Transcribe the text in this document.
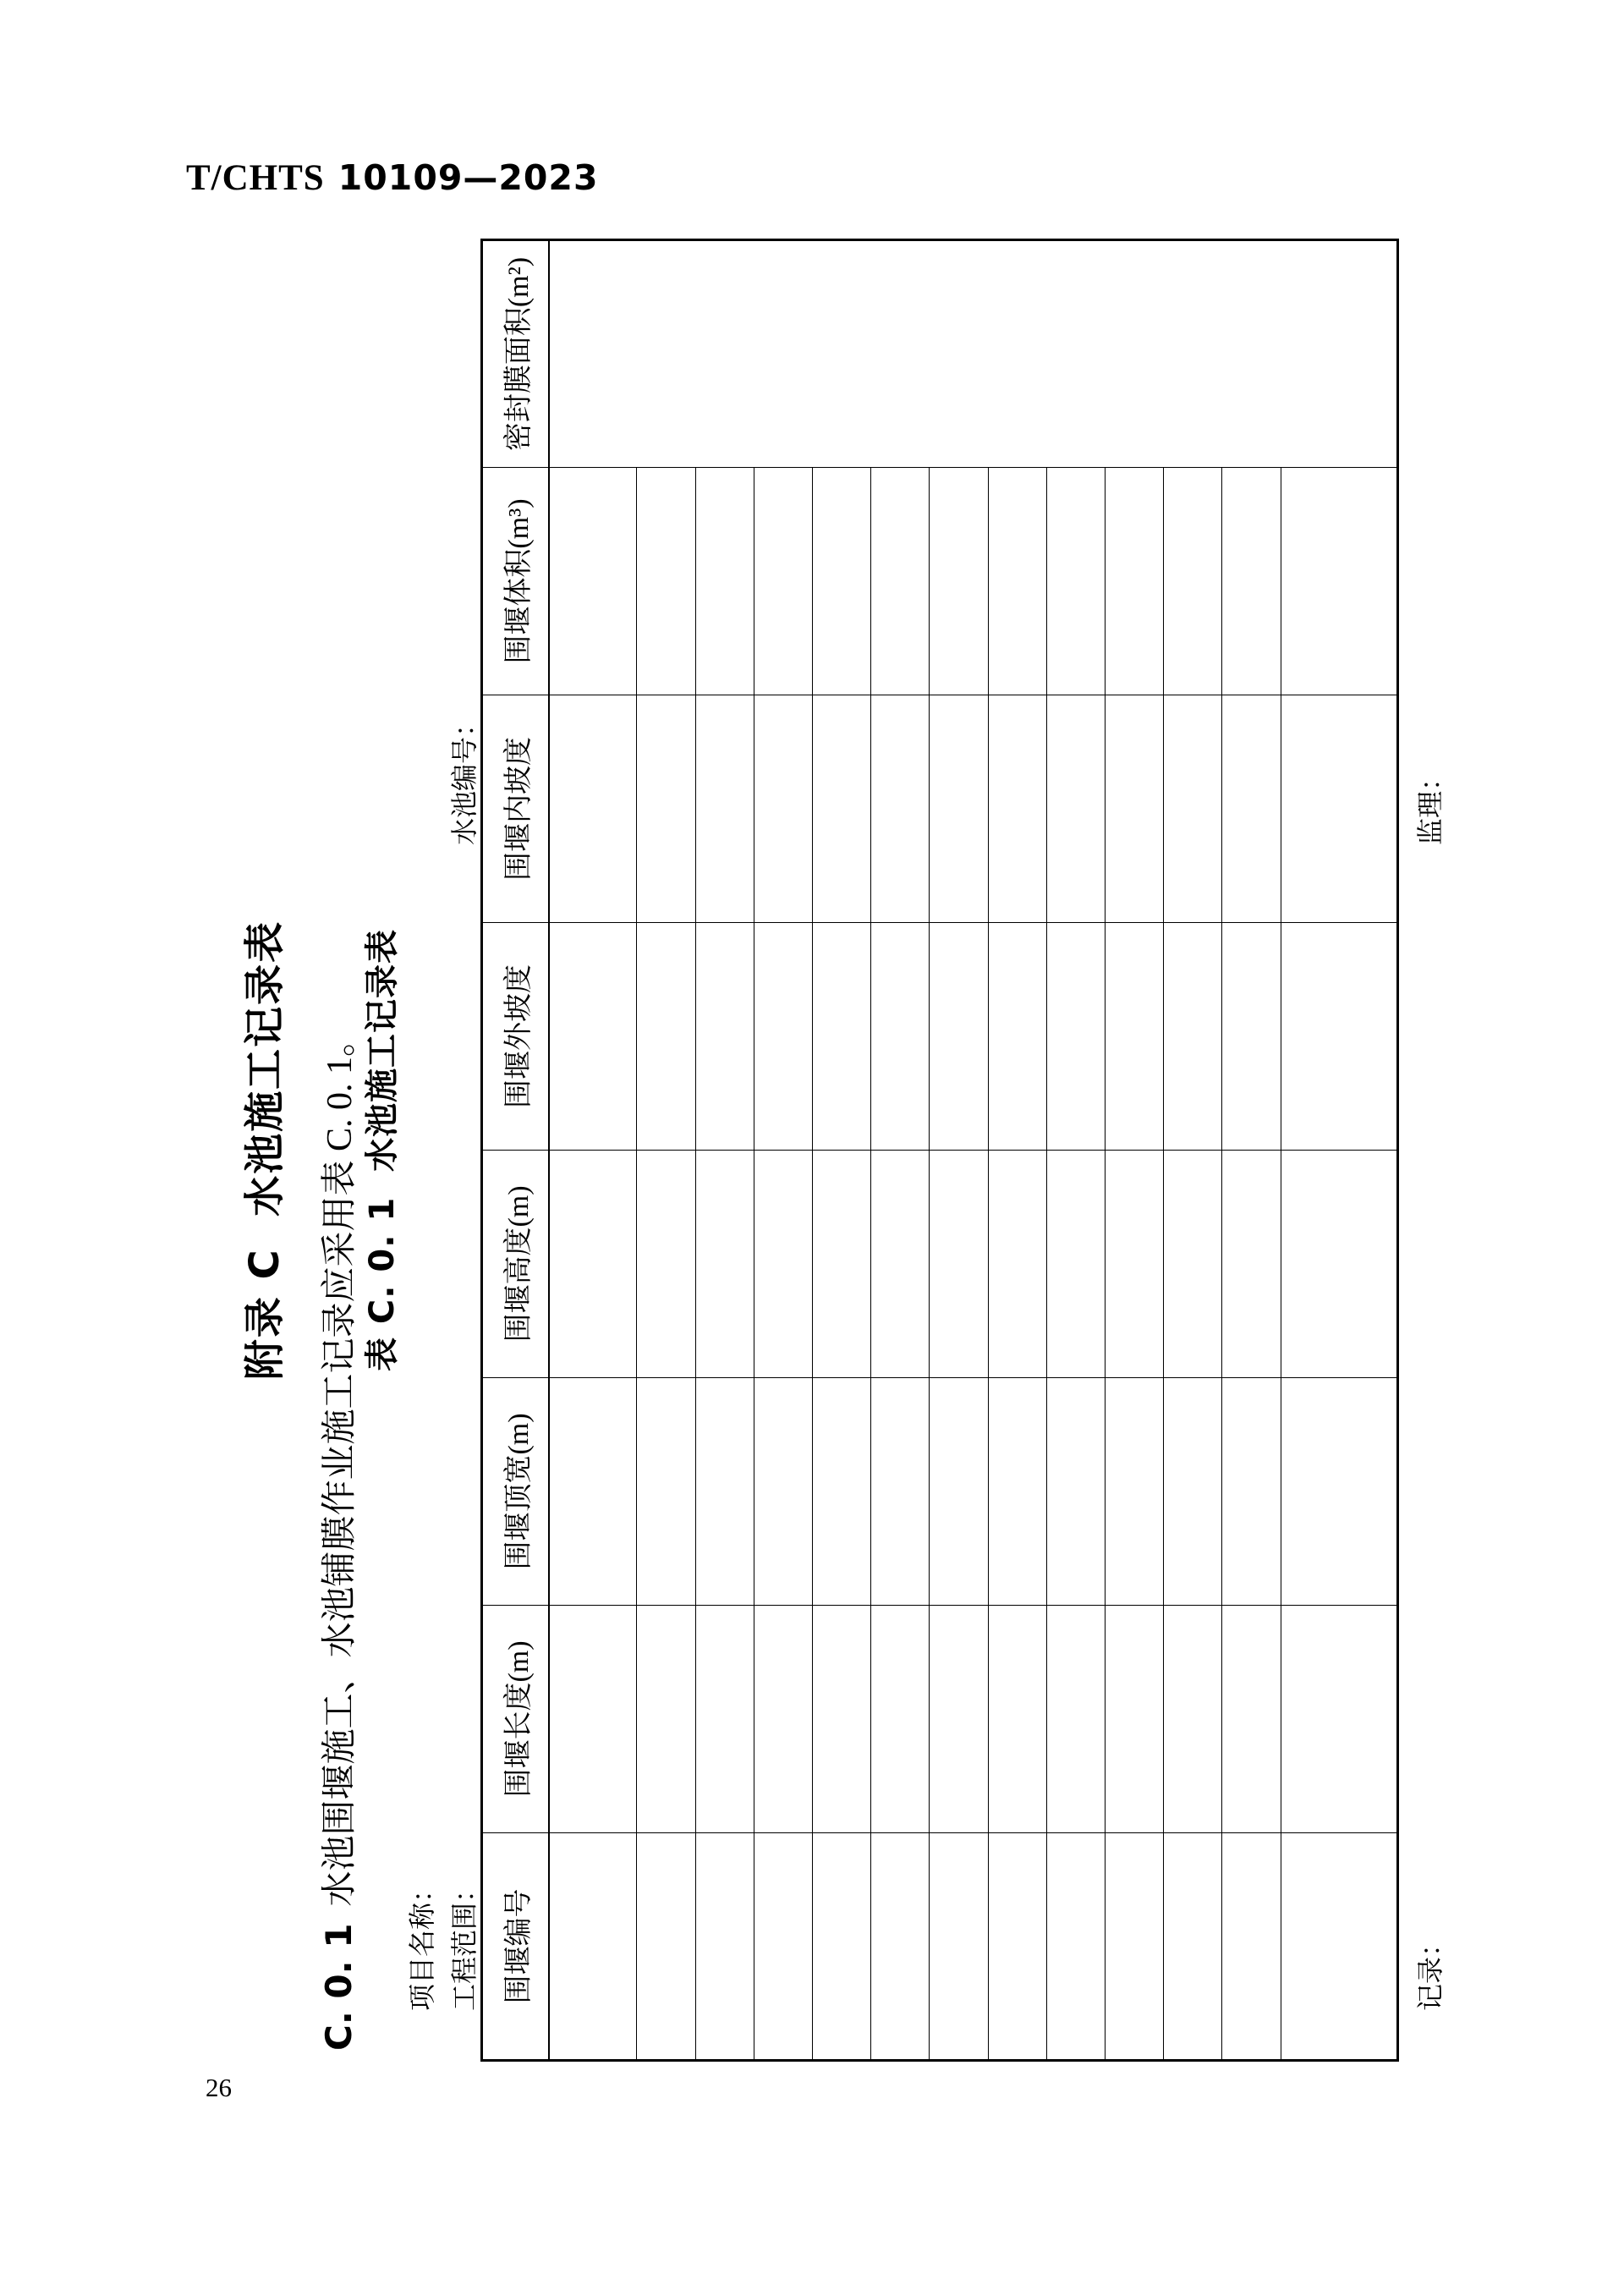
T/CHTS 10109—2023
26
附录 C  水池施工记录表
C. 0. 1水池围堰施工、水池铺膜作业施工记录应采用表 C. 0. 1。 表 C. 0. 1  水池施工记录表

项目名称：

工程范围：

水池编号：

围堰编号	围堰长度(m)	围堰顶宽(m)	围堰高度(m)	围堰外坡度	围堰内坡度	围堰体积(m³)	密封膜面积(m²)

记录：

监理：
